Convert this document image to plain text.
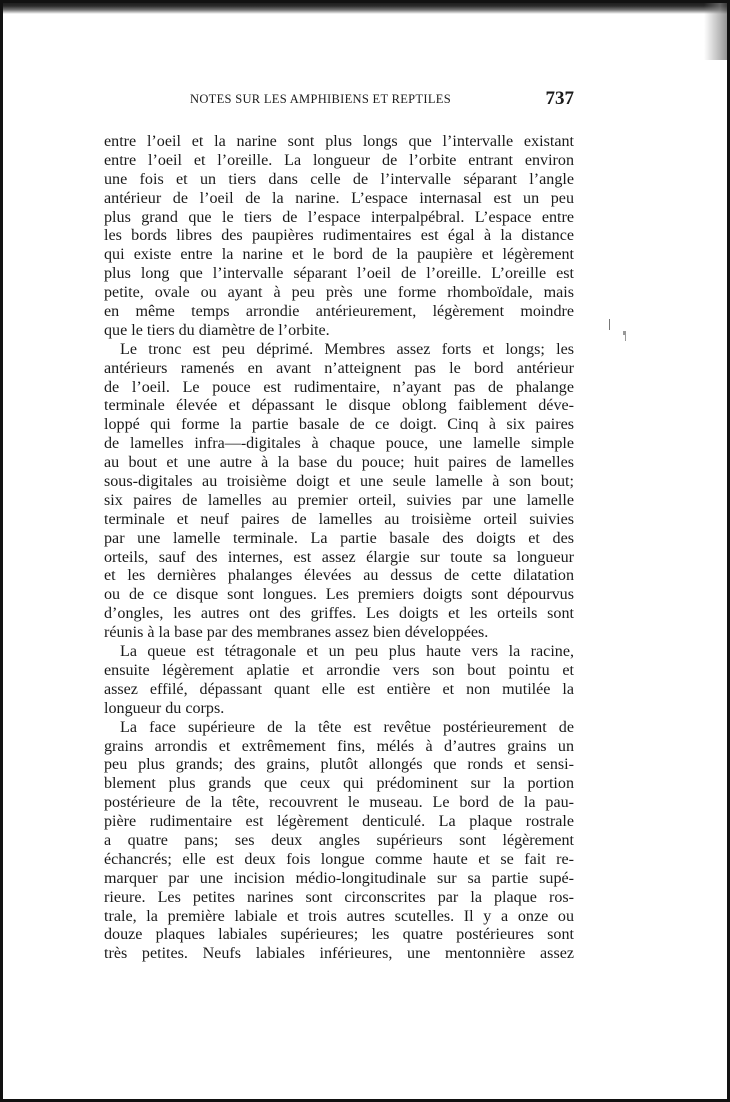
NOTES SUR LES AMPHIBIENS ET REPTILES	737
entre l’oeil et la narine sont plus longs que l’intervalle existant
entre l’oeil et l’oreille. La longueur de l’orbite entrant environ
une fois et un tiers dans celle de l’intervalle séparant l’angle
antérieur de l’oeil de la narine. L’espace internasal est un peu
plus grand que le tiers de l’espace interpalpébral. L’espace entre
les bords libres des paupières rudimentaires est égal à la distance
qui existe entre la narine et le bord de la paupière et légèrement
plus long que l’intervalle séparant l’oeil de l’oreille. L’oreille est
petite, ovale ou ayant à peu près une forme rhomboïdale, mais
en même temps arrondie antérieurement, légèrement moindre
que le tiers du diamètre de l’orbite.
Le tronc est peu déprimé. Membres assez forts et longs; les
antérieurs ramenés en avant n’atteignent pas le bord antérieur
de l’oeil. Le pouce est rudimentaire, n’ayant pas de phalange
terminale élevée et dépassant le disque oblong faiblement déve-
loppé qui forme la partie basale de ce doigt. Cinq à six paires
de lamelles infra—-digitales à chaque pouce, une lamelle simple
au bout et une autre à la base du pouce; huit paires de lamelles
sous-digitales au troisième doigt et une seule lamelle à son bout;
six paires de lamelles au premier orteil, suivies par une lamelle
terminale et neuf paires de lamelles au troisième orteil suivies
par une lamelle terminale. La partie basale des doigts et des
orteils, sauf des internes, est assez élargie sur toute sa longueur
et les dernières phalanges élevées au dessus de cette dilatation
ou de ce disque sont longues. Les premiers doigts sont dépourvus
d’ongles, les autres ont des griffes. Les doigts et les orteils sont
réunis à la base par des membranes assez bien développées.
La queue est tétragonale et un peu plus haute vers la racine,
ensuite légèrement aplatie et arrondie vers son bout pointu et
assez effilé, dépassant quant elle est entière et non mutilée la
longueur du corps.
La face supérieure de la tête est revêtue postérieurement de
grains arrondis et extrêmement fins, mélés à d’autres grains un
peu plus grands; des grains, plutôt allongés que ronds et sensi-
blement plus grands que ceux qui prédominent sur la portion
postérieure de la tête, recouvrent le museau. Le bord de la pau-
pière rudimentaire est légèrement denticulé. La plaque rostrale
a quatre pans; ses deux angles supérieurs sont légèrement
échancrés; elle est deux fois longue comme haute et se fait re-
marquer par une incision médio-longitudinale sur sa partie supé-
rieure. Les petites narines sont circonscrites par la plaque ros-
trale, la première labiale et trois autres scutelles. Il y a onze ou
douze plaques labiales supérieures; les quatre postérieures sont
très petites. Neufs labiales inférieures, une mentonnière assez
